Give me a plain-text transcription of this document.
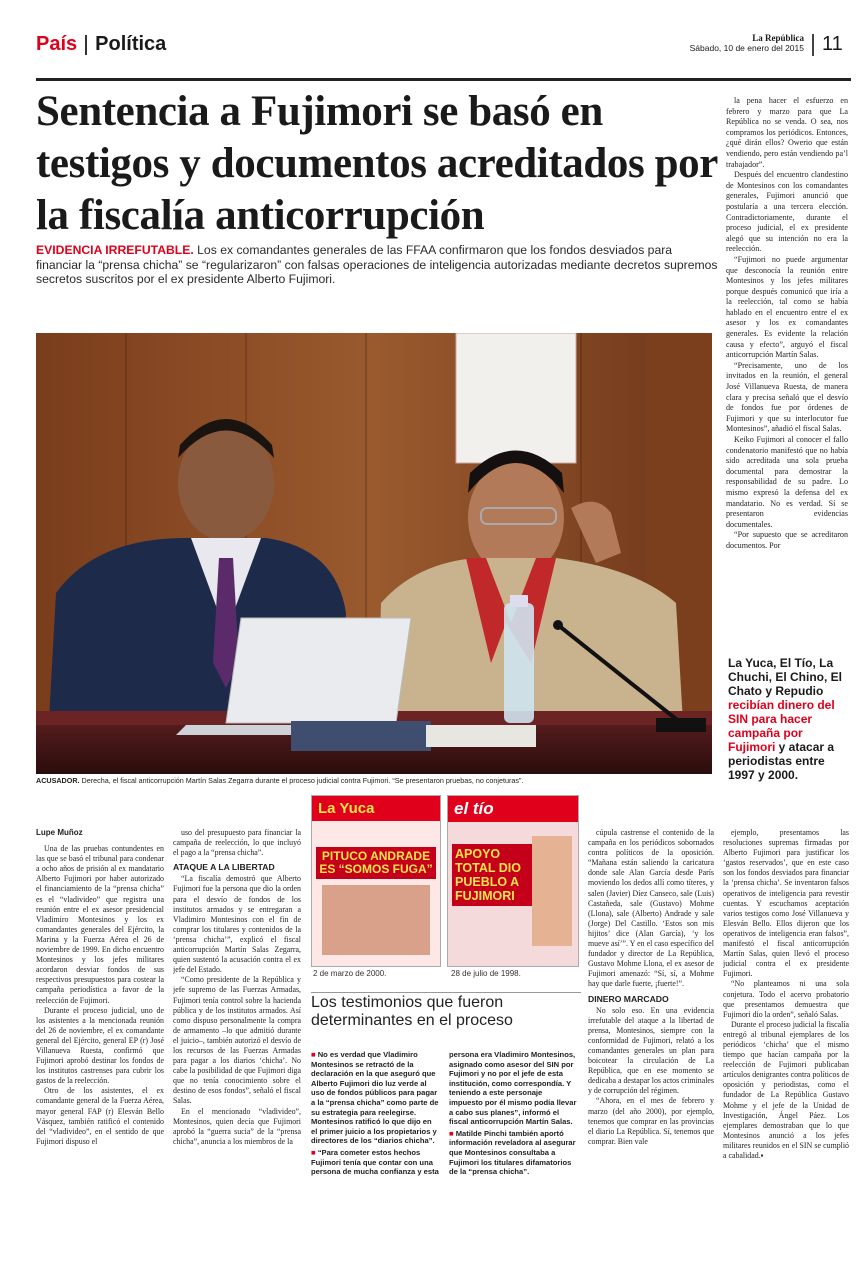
País Política	La República
Sábado, 10 de enero del 2015 11
Sentencia a Fujimori se basó en testigos y documentos acreditados por la fiscalía anticorrupción
EVIDENCIA IRREFUTABLE. Los ex comandantes generales de las FFAA confirmaron que los fondos desviados para financiar la “prensa chicha” se “regularizaron” con falsas operaciones de inteligencia autorizadas mediante decretos supremos secretos suscritos por el ex presidente Alberto Fujimori.
ACUSADOR. Derecha, el fiscal anticorrupción Martín Salas Zegarra durante el proceso judicial contra Fujimori. “Se presentaron pruebas, no conjeturas”.

la pena hacer el esfuerzo en febrero y marzo para que La República no se venda. O sea, nos compramos los periódicos. Entonces, ¿qué dirán ellos? Owerio que están vendiendo, pero están vendiendo pa’l trabajador”.

Después del encuentro clandestino de Montesinos con los comandantes generales, Fujimori anunció que postularía a una tercera elección. Contradictoriamente, durante el proceso judicial, el ex presidente alegó que su intención no era la reelección.

“Fujimori no puede argumentar que desconocía la reunión entre Montesinos y los jefes militares porque después comunicó que iría a la reelección, tal como se había hablado en el encuentro entre el ex asesor y los ex comandantes generales. Es evidente la relación causa y efecto”, arguyó el fiscal anticorrupción Martín Salas.

“Precisamente, uno de los invitados en la reunión, el general José Villanueva Ruesta, de manera clara y precisa señaló que el desvío de fondos fue por órdenes de Fujimori y que su interlocutor fue Montesinos”, añadió el fiscal Salas.

Keiko Fujimori al conocer el fallo condenatorio manifestó que no había sido acreditada una sola prueba documental para demostrar la responsabilidad de su padre. Lo mismo expresó la defensa del ex mandatario. No es verdad. Sí se presentaron evidencias documentales.

“Por supuesto que se acreditaron documentos. Por

La Yuca, El Tío, La Chuchi, El Chino, El Chato y Repudio recibían dinero del SIN para hacer campaña por Fujimori y atacar a periodistas entre 1997 y 2000.
Lupe Muñoz

Una de las pruebas contundentes en las que se basó el tribunal para condenar a ocho años de prisión al ex mandatario Alberto Fujimori por haber autorizado el financiamiento de la “prensa chicha” es el “vladivideo” que registra una reunión entre el ex asesor presidencial Vladimiro Montesinos y los ex comandantes generales del Ejército, la Marina y la Fuerza Aérea el 26 de noviembre de 1999. En dicho encuentro Montesinos y los jefes militares acordaron desviar fondos de sus respectivos presupuestos para costear la campaña periodística a favor de la reelección de Fujimori.

Durante el proceso judicial, uno de los asistentes a la mencionada reunión del 26 de noviembre, el ex comandante general del Ejército, general EP (r) José Villanueva Ruesta, confirmó que Fujimori aprobó destinar los fondos de los institutos castrenses para cubrir los gastos de la reelección.

Otro de los asistentes, el ex comandante general de la Fuerza Aérea, mayor general FAP (r) Elesván Bello Vásquez, también ratificó el contenido del “vladivideo”, en el sentido de que Fujimori dispuso el

uso del presupuesto para financiar la campaña de reelección, lo que incluyó el pago a la “prensa chicha”.

ATAQUE A LA LIBERTAD

“La fiscalía demostró que Alberto Fujimori fue la persona que dio la orden para el desvío de fondos de los institutos armados y se entregaran a Vladimiro Montesinos con el fin de comprar los titulares y contenidos de la ‘prensa chicha’”, explicó el fiscal anticorrupción Martín Salas Zegarra, quien sustentó la acusación contra el ex jefe del Estado.

“Como presidente de la República y jefe supremo de las Fuerzas Armadas, Fujimori tenía control sobre la hacienda pública y de los institutos armados. Así como dispuso personalmente la compra de armamento –lo que admitió durante el juicio–, también autorizó el desvío de los recursos de las Fuerzas Armadas para pagar a los diarios ‘chicha’. No cabe la posibilidad de que Fujimori diga que no tenía conocimiento sobre el destino de esos fondos”, señaló el fiscal Salas.

En el mencionado “vladivideo”, Montesinos, quien decía que Fujimori aprobó la “guerra sucia” de la “prensa chicha”, anuncia a los miembros de la

La Yuca
PITUCO ANDRADE ES “SOMOS FUGA”
2 de marzo de 2000.
el tío
APOYO TOTAL DIO PUEBLO A FUJIMORI
28 de julio de 1998.
Los testimonios que fueron determinantes en el proceso

■ No es verdad que Vladimiro Montesinos se retractó de la declaración en la que aseguró que Alberto Fujimori dio luz verde al uso de fondos públicos para pagar a la “prensa chicha” como parte de su estrategia para reelegirse. Montesinos ratificó lo que dijo en el primer juicio a los propietarios y directores de los “diarios chicha”.

■ “Para cometer estos hechos Fujimori tenía que contar con una persona de mucha confianza y esta

persona era Vladimiro Montesinos, asignado como asesor del SIN por Fujimori y no por el jefe de esta institución, como correspondía. Y teniendo a este personaje impuesto por él mismo podía llevar a cabo sus planes”, informó el fiscal anticorrupción Martín Salas.

■ Matilde Pinchi también aportó información reveladora al asegurar que Montesinos consultaba a Fujimori los titulares difamatorios de la “prensa chicha”.

cúpula castrense el contenido de la campaña en los periódicos sobornados contra políticos de la oposición. “Mañana están saliendo la caricatura donde sale Alan García desde París moviendo los dedos allí como títeres, y salen (Javier) Díez Canseco, sale (Luis) Castañeda, sale (Gustavo) Mohme (Llona), sale (Alberto) Andrade y sale (Jorge) Del Castillo. ‘Estos son mis hijitos’ dice (Alan García), ‘y los mueve así’”. Y en el caso específico del fundador y director de La República, Gustavo Mohme Llona, el ex asesor de Fujimori amenazó: “Sí, sí, a Mohme hay que darle fuerte, ¡fuerte!”.

DINERO MARCADO

No solo eso. En una evidencia irrefutable del ataque a la libertad de prensa, Montesinos, siempre con la conformidad de Fujimori, relató a los comandantes generales un plan para boicotear la circulación de La República, que en ese momento se dedicaba a destapar los actos criminales y de corrupción del régimen.

“Ahora, en el mes de febrero y marzo (del año 2000), por ejemplo, tenemos que comprar en las provincias el diario La República. Sí, tenemos que comprar. Bien vale

ejemplo, presentamos las resoluciones supremas firmadas por Alberto Fujimori para justificar los ‘gastos reservados’, que en este caso son los fondos desviados para financiar la ‘prensa chicha’. Se inventaron falsos operativos de inteligencia para revestir cuentas. Y escuchamos aceptación varios testigos como José Villanueva y Elesván Bello. Ellos dijeron que los operativos de inteligencia eran falsos”, manifestó el fiscal anticorrupción Martín Salas, quien llevó el proceso judicial contra el ex presidente Fujimori.

“No planteamos ni una sola conjetura. Todo el acervo probatorio que presentamos demuestra que Fujimori dio la orden”, señaló Salas.

Durante el proceso judicial la fiscalía entregó al tribunal ejemplares de los periódicos ‘chicha’ que el mismo tiempo que hacían campaña por la reelección de Fujimori publicaban artículos denigrantes contra políticos de oposición y periodistas, como el fundador de La República Gustavo Mohme y el jefe de la Unidad de Investigación, Ángel Páez. Los ejemplares demostraban que lo que Montesinos anunció a los jefes militares reunidos en el SIN se cumplió a cabalidad.▪
